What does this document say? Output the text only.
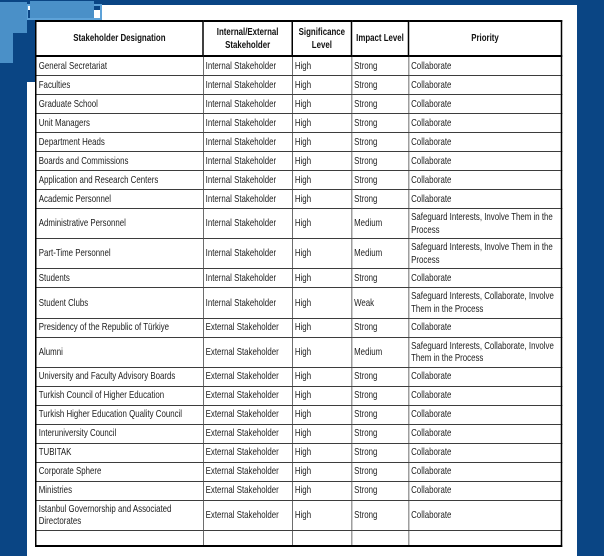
Stakeholder Designation	Internal/External Stakeholder	Significance Level	Impact Level	Priority
General Secretariat	Internal Stakeholder	High	Strong	Collaborate
Faculties	Internal Stakeholder	High	Strong	Collaborate
Graduate School	Internal Stakeholder	High	Strong	Collaborate
Unit Managers	Internal Stakeholder	High	Strong	Collaborate
Department Heads	Internal Stakeholder	High	Strong	Collaborate
Boards and Commissions	Internal Stakeholder	High	Strong	Collaborate
Application and Research Centers	Internal Stakeholder	High	Strong	Collaborate
Academic Personnel	Internal Stakeholder	High	Strong	Collaborate
Administrative Personnel	Internal Stakeholder	High	Medium	Safeguard Interests, Involve Them in the Process
Part-Time Personnel	Internal Stakeholder	High	Medium	Safeguard Interests, Involve Them in the Process
Students	Internal Stakeholder	High	Strong	Collaborate
Student Clubs	Internal Stakeholder	High	Weak	Safeguard Interests, Collaborate, Involve Them in the Process
Presidency of the Republic of Türkiye	External Stakeholder	High	Strong	Collaborate
Alumni	External Stakeholder	High	Medium	Safeguard Interests, Collaborate, Involve Them in the Process
University and Faculty Advisory Boards	External Stakeholder	High	Strong	Collaborate
Turkish Council of Higher Education	External Stakeholder	High	Strong	Collaborate
Turkish Higher Education Quality Council	External Stakeholder	High	Strong	Collaborate
Interuniversity Council	External Stakeholder	High	Strong	Collaborate
TUBITAK	External Stakeholder	High	Strong	Collaborate
Corporate Sphere	External Stakeholder	High	Strong	Collaborate
Ministries	External Stakeholder	High	Strong	Collaborate
Istanbul Governorship and Associated Directorates	External Stakeholder	High	Strong	Collaborate
